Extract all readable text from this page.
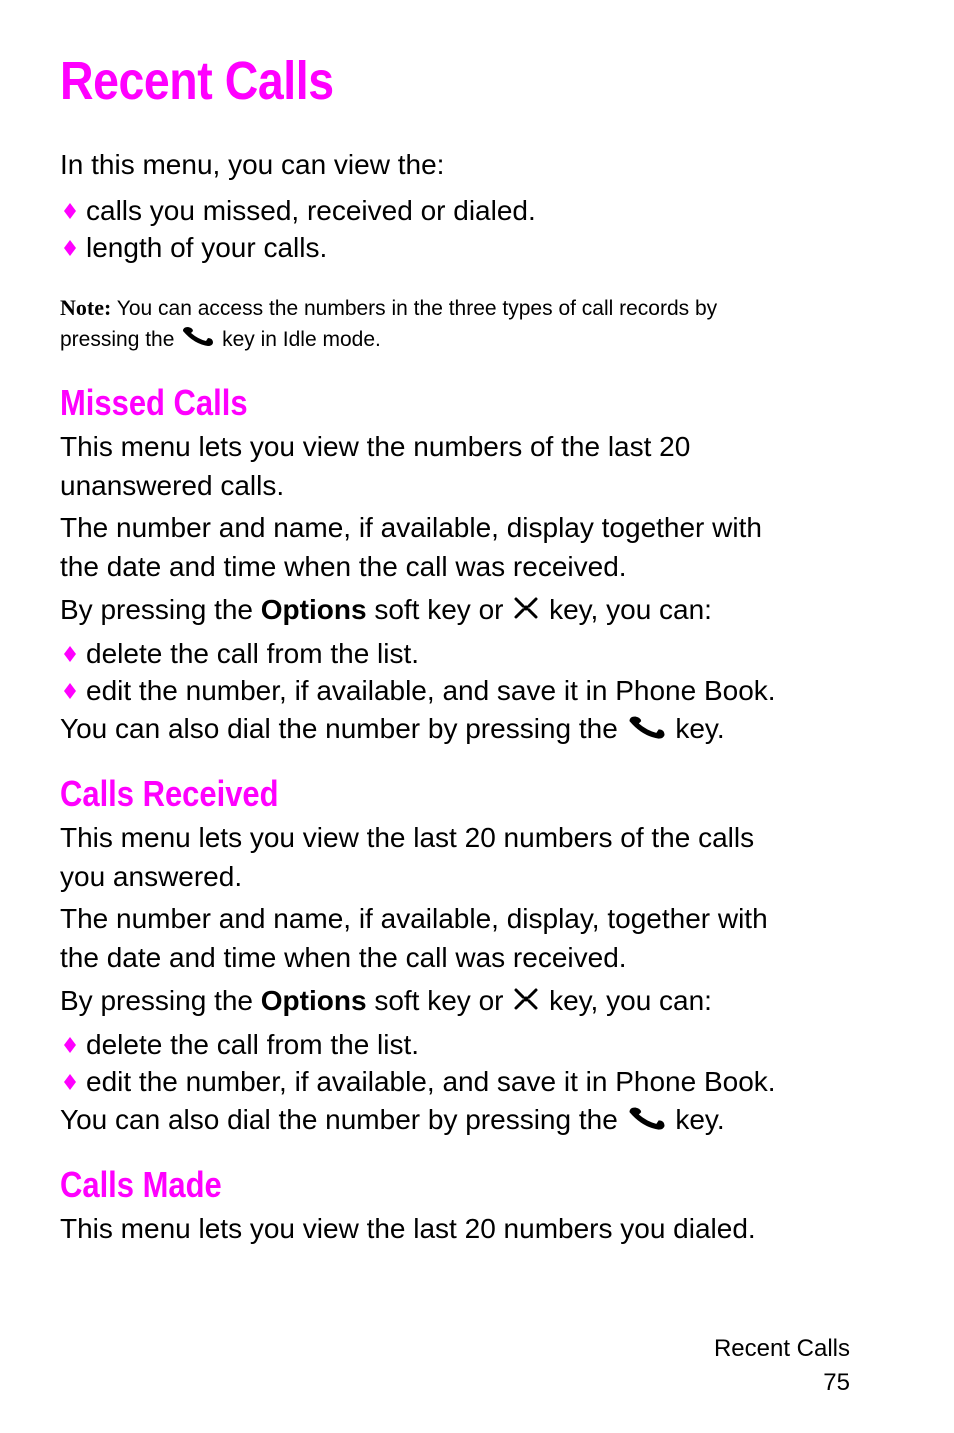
Recent Calls
In this menu, you can view the:
calls you missed, received or dialed.
length of your calls.
Note: You can access the numbers in the three types of call records by
pressing the key in Idle mode.
Missed Calls
This menu lets you view the numbers of the last 20
unanswered calls.
The number and name, if available, display together with
the date and time when the call was received.
By pressing the Options soft key or key, you can:
delete the call from the list.
edit the number, if available, and save it in Phone Book.
You can also dial the number by pressing the key.
Calls Received
This menu lets you view the last 20 numbers of the calls
you answered.
The number and name, if available, display, together with
the date and time when the call was received.
By pressing the Options soft key or key, you can:
delete the call from the list.
edit the number, if available, and save it in Phone Book.
You can also dial the number by pressing the key.
Calls Made
This menu lets you view the last 20 numbers you dialed.
Recent Calls
75
